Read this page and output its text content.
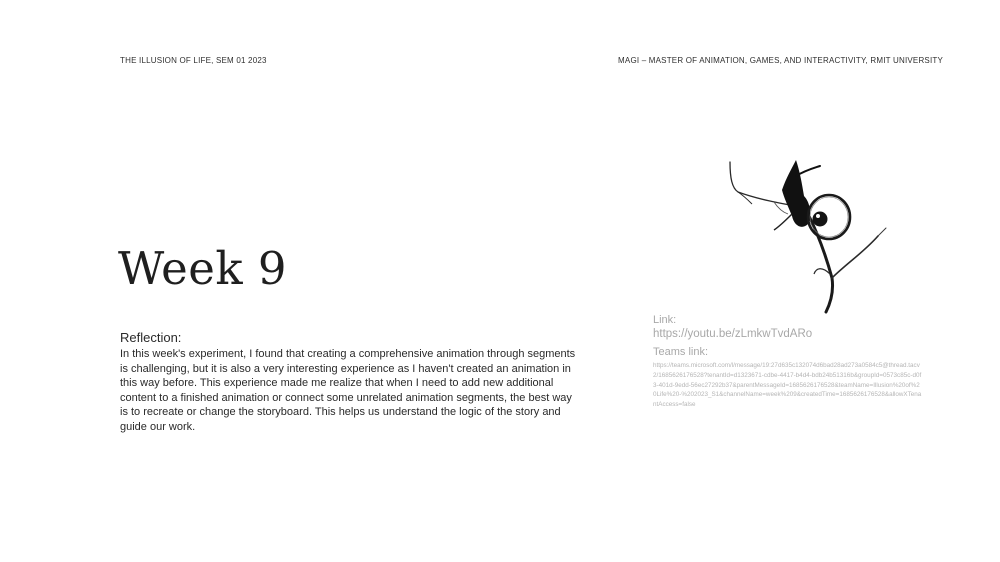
THE ILLUSION OF LIFE, SEM 01 2023	MAGI – MASTER OF ANIMATION, GAMES, AND INTERACTIVITY, RMIT UNIVERSITY
Week 9
Reflection:
In this week's experiment, I found that creating a comprehensive animation through segments is challenging, but it is also a very interesting experience as I haven't created an animation in this way before. This experience made me realize that when I need to add new additional content to a finished animation or connect some unrelated animation segments, the best way is to recreate or change the storyboard. This helps us understand the logic of the story and guide our work.
Link:
https://youtu.be/zLmkwTvdARo
Teams link:
https://teams.microsoft.com/l/message/19:27d635c132074d6bad28ad273a0584c5@thread.tacv2/1685626176528?tenantId=d1323671-cdbe-4417-b4d4-bdb24b51316b&groupId=0573c85c-d0f3-401d-9edd-56ec27292b37&parentMessageId=1685626176528&teamName=Illusion%20of%20Life%20-%202023_S1&channelName=week%209&createdTime=1685626176528&allowXTenantAccess=false
